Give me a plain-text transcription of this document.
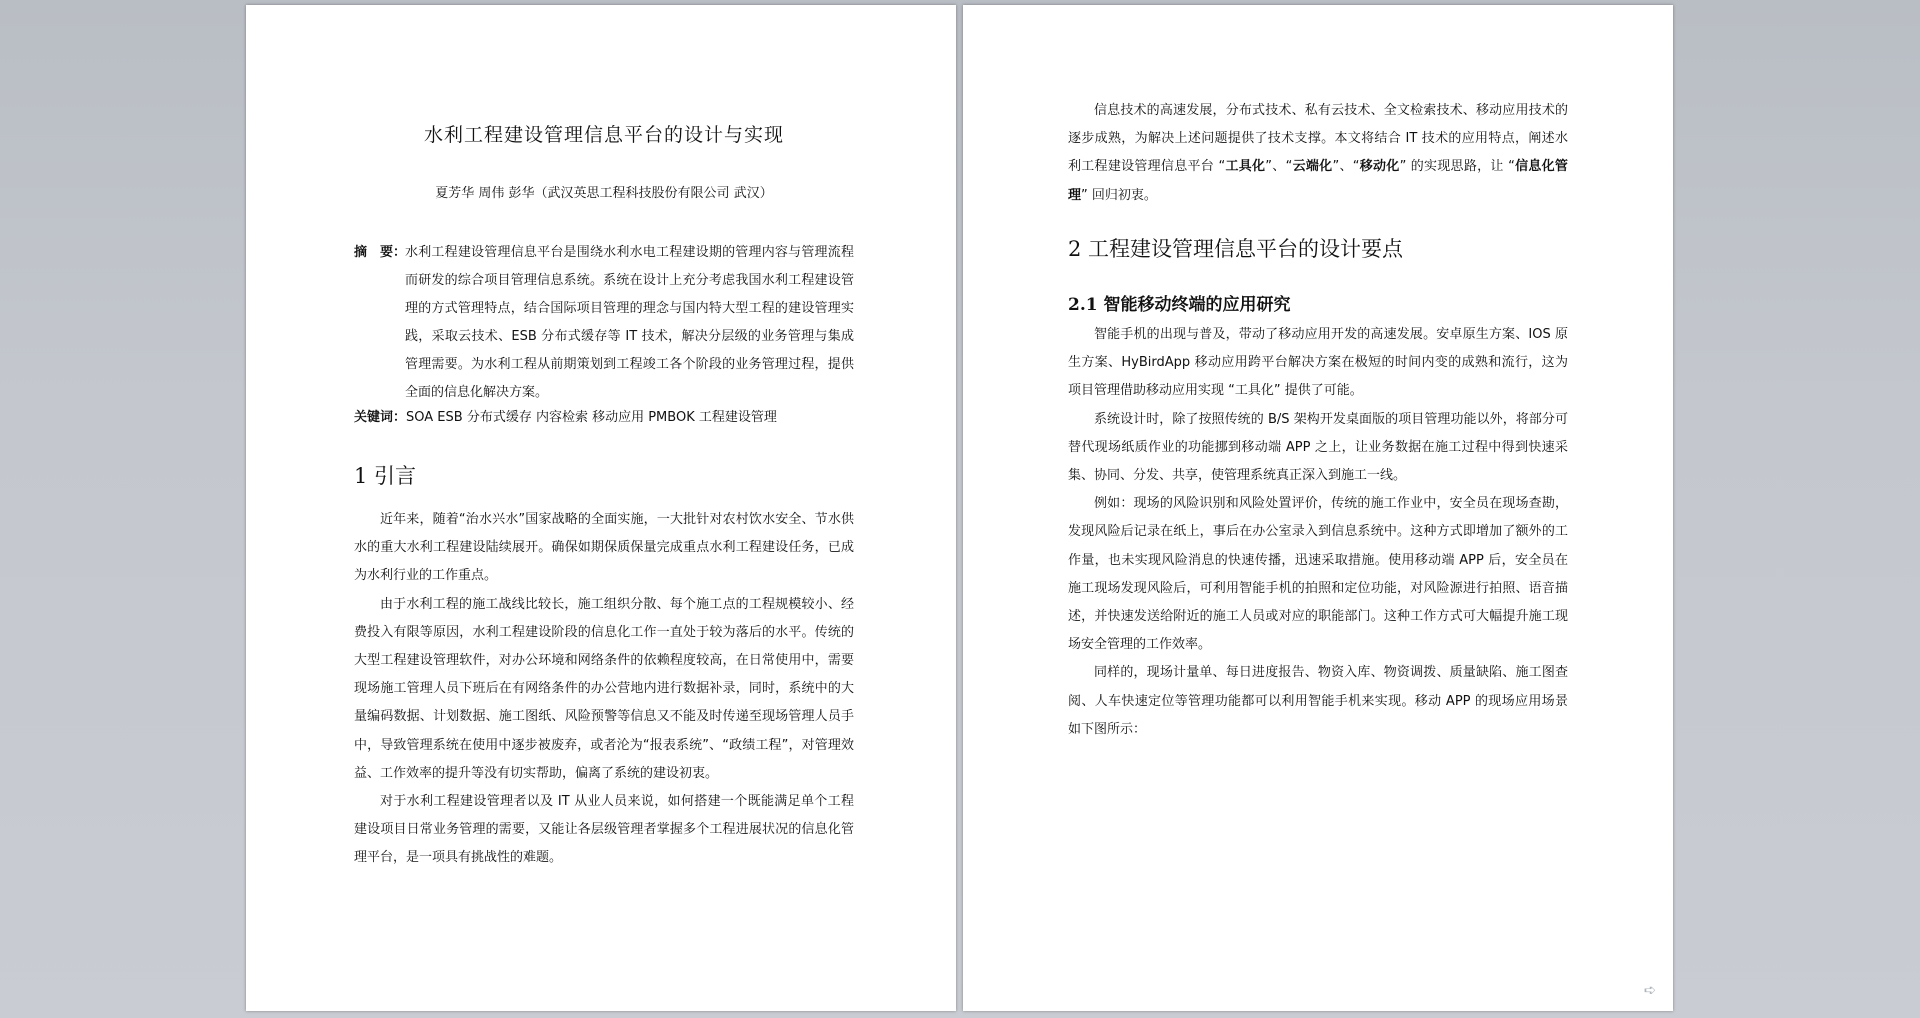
水利工程建设管理信息平台的设计与实现
夏芳华 周伟 彭华（武汉英思工程科技股份有限公司 武汉）
摘　要：
水利工程建设管理信息平台是围绕水利水电工程建设期的管理内容与管理流程而研发的综合项目管理信息系统。系统在设计上充分考虑我国水利工程建设管理的方式管理特点，结合国际项目管理的理念与国内特大型工程的建设管理实践，采取云技术、ESB 分布式缓存等 IT 技术，解决分层级的业务管理与集成管理需要。为水利工程从前期策划到工程竣工各个阶段的业务管理过程，提供全面的信息化解决方案。
关键词：SOA ESB 分布式缓存 内容检索 移动应用 PMBOK 工程建设管理
1 引言

近年来，随着“治水兴水”国家战略的全面实施，一大批针对农村饮水安全、节水供水的重大水利工程建设陆续展开。确保如期保质保量完成重点水利工程建设任务，已成为水利行业的工作重点。

由于水利工程的施工战线比较长，施工组织分散、每个施工点的工程规模较小、经费投入有限等原因，水利工程建设阶段的信息化工作一直处于较为落后的水平。传统的大型工程建设管理软件，对办公环境和网络条件的依赖程度较高，在日常使用中，需要现场施工管理人员下班后在有网络条件的办公营地内进行数据补录，同时，系统中的大量编码数据、计划数据、施工图纸、风险预警等信息又不能及时传递至现场管理人员手中，导致管理系统在使用中逐步被废弃，或者沦为“报表系统”、“政绩工程”，对管理效益、工作效率的提升等没有切实帮助，偏离了系统的建设初衷。

对于水利工程建设管理者以及 IT 从业人员来说，如何搭建一个既能满足单个工程建设项目日常业务管理的需要，又能让各层级管理者掌握多个工程进展状况的信息化管理平台，是一项具有挑战性的难题。

信息技术的高速发展，分布式技术、私有云技术、全文检索技术、移动应用技术的逐步成熟，为解决上述问题提供了技术支撑。本文将结合 IT 技术的应用特点，阐述水利工程建设管理信息平台 “工具化”、“云端化”、“移动化” 的实现思路，让 “信息化管理” 回归初衷。

2 工程建设管理信息平台的设计要点
2.1 智能移动终端的应用研究

智能手机的出现与普及，带动了移动应用开发的高速发展。安卓原生方案、IOS 原生方案、HyBirdApp 移动应用跨平台解决方案在极短的时间内变的成熟和流行，这为项目管理借助移动应用实现 “工具化” 提供了可能。

系统设计时，除了按照传统的 B/S 架构开发桌面版的项目管理功能以外，将部分可替代现场纸质作业的功能挪到移动端 APP 之上，让业务数据在施工过程中得到快速采集、协同、分发、共享，使管理系统真正深入到施工一线。

例如：现场的风险识别和风险处置评价，传统的施工作业中，安全员在现场查勘，发现风险后记录在纸上，事后在办公室录入到信息系统中。这种方式即增加了额外的工作量，也未实现风险消息的快速传播，迅速采取措施。使用移动端 APP 后，安全员在施工现场发现风险后，可利用智能手机的拍照和定位功能，对风险源进行拍照、语音描述，并快速发送给附近的施工人员或对应的职能部门。这种工作方式可大幅提升施工现场安全管理的工作效率。

同样的，现场计量单、每日进度报告、物资入库、物资调拨、质量缺陷、施工图查阅、人车快速定位等管理功能都可以利用智能手机来实现。移动 APP 的现场应用场景如下图所示：

➪
